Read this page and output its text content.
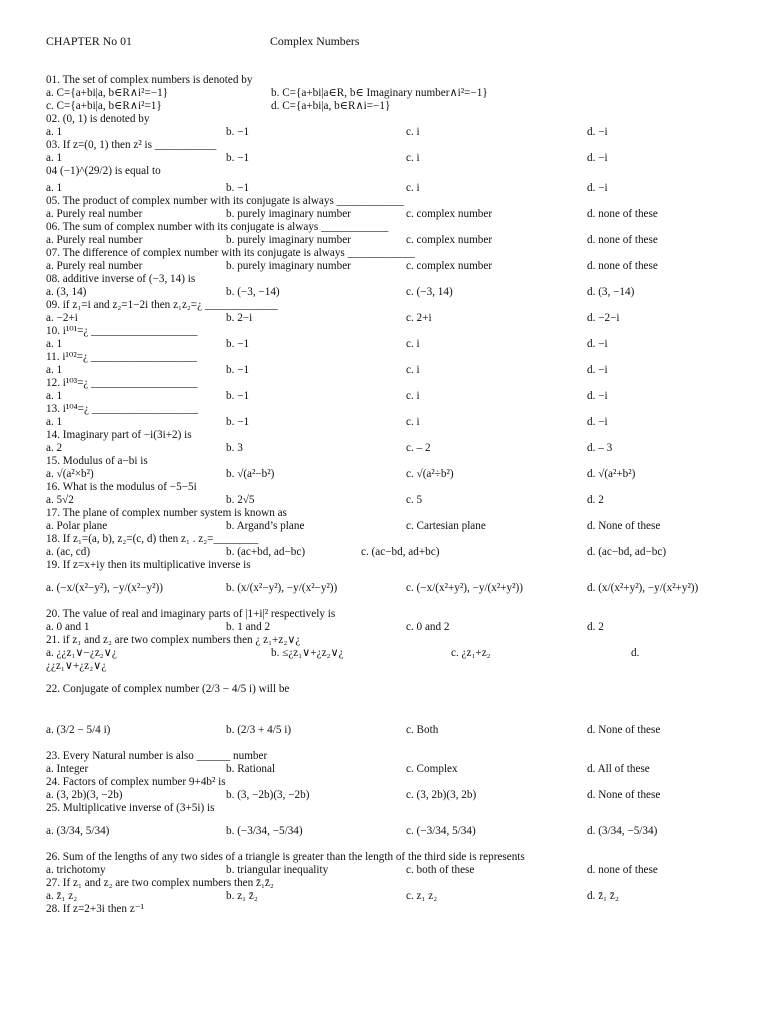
CHAPTER No 01	Complex Numbers
01. The set of complex numbers is denoted by
a. C={a+bi|a, b∈R∧i²=−1}	b. C={a+bi|a∈R, b∈ Imaginary number∧i²=−1}
c. C={a+bi|a, b∈R∧i²=1}	d. C={a+bi|a, b∈R∧i=−1}
02. (0, 1) is denoted by
a. 1	b. −1	c. i	d. −i
03. If z=(0, 1) then z² is ___________
a. 1	b. −1	c. i	d. −i
04 (−1)^(29/2) is equal to
a. 1	b. −1	c. i	d. −i
05. The product of complex number with its conjugate is always ____________
a. Purely real number	b. purely imaginary number	c. complex number	d. none of these
06. The sum of complex number with its conjugate is always ____________
a. Purely real number	b. purely imaginary number	c. complex number	d. none of these
07. The difference of complex number with its conjugate is always ____________
a. Purely real number	b. purely imaginary number	c. complex number	d. none of these
08. additive inverse of (−3, 14) is
a. (3, 14)	b. (−3, −14)	c. (−3, 14)	d. (3, −14)
09. if z₁=i and z₂=1−2i then z₁z₂=¿ _____________
a. −2+i	b. 2−i	c. 2+i	d. −2−i
10. i¹⁰¹=¿ ___________________
a. 1	b. −1	c. i	d. −i
11. i¹⁰²=¿ ___________________
a. 1	b. −1	c. i	d. −i
12. i¹⁰³=¿ ___________________
a. 1	b. −1	c. i	d. −i
13. i¹⁰⁴=¿ ___________________
a. 1	b. −1	c. i	d. −i
14. Imaginary part of −i(3i+2) is
a. 2	b. 3	c. – 2	d. – 3
15. Modulus of a−bi is
a. √(a²×b²)	b. √(a²−b²)	c. √(a²÷b²)	d. √(a²+b²)
16. What is the modulus of −5−5i
a. 5√2	b. 2√5	c. 5	d. 2
17. The plane of complex number system is known as
a. Polar plane	b. Argand’s plane	c. Cartesian plane	d. None of these
18. If z₁=(a, b), z₂=(c, d) then z₁ . z₂=________
a. (ac, cd)	b. (ac+bd, ad−bc)	c. (ac−bd, ad+bc)	d. (ac−bd, ad−bc)
19. If z=x+iy then its multiplicative inverse is
a. (−x/(x²−y²), −y/(x²−y²))	b. (x/(x²−y²), −y/(x²−y²))	c. (−x/(x²+y²), −y/(x²+y²))	d. (x/(x²+y²), −y/(x²+y²))
20. The value of real and imaginary parts of |1+i|² respectively is
a. 0 and 1	b. 1 and 2	c. 0 and 2	d. 2
21. if z₁ and z₂ are two complex numbers then ¿ z₁+z₂∨¿
a. ¿¿z₁∨−¿z₂∨¿	b. ≤¿z₁∨+¿z₂∨¿	c. ¿z₁+z₂	d.
¿¿z₁∨+¿z₂∨¿
22. Conjugate of complex number (2/3 − 4/5 i) will be
a. (3/2 − 5/4 i)	b. (2/3 + 4/5 i)	c. Both	d. None of these
23. Every Natural number is also ______ number
a. Integer	b. Rational	c. Complex	d. All of these
24. Factors of complex number 9+4b² is
a. (3, 2b)(3, −2b)	b. (3, −2b)(3, −2b)	c. (3, 2b)(3, 2b)	d. None of these
25. Multiplicative inverse of (3+5i) is
a. (3/34, 5/34)	b. (−3/34, −5/34)	c. (−3/34, 5/34)	d. (3/34, −5/34)
26. Sum of the lengths of any two sides of a triangle is greater than the length of the third side is represents
a. trichotomy	b. triangular inequality	c. both of these	d. none of these
27. If z₁ and z₂ are two complex numbers then z̄₁z̄₂
a. z̄₁ z₂	b. z₁ z̄₂	c. z₁ z₂	d. z̄₁ z̄₂
28. If z=2+3i then z⁻¹
